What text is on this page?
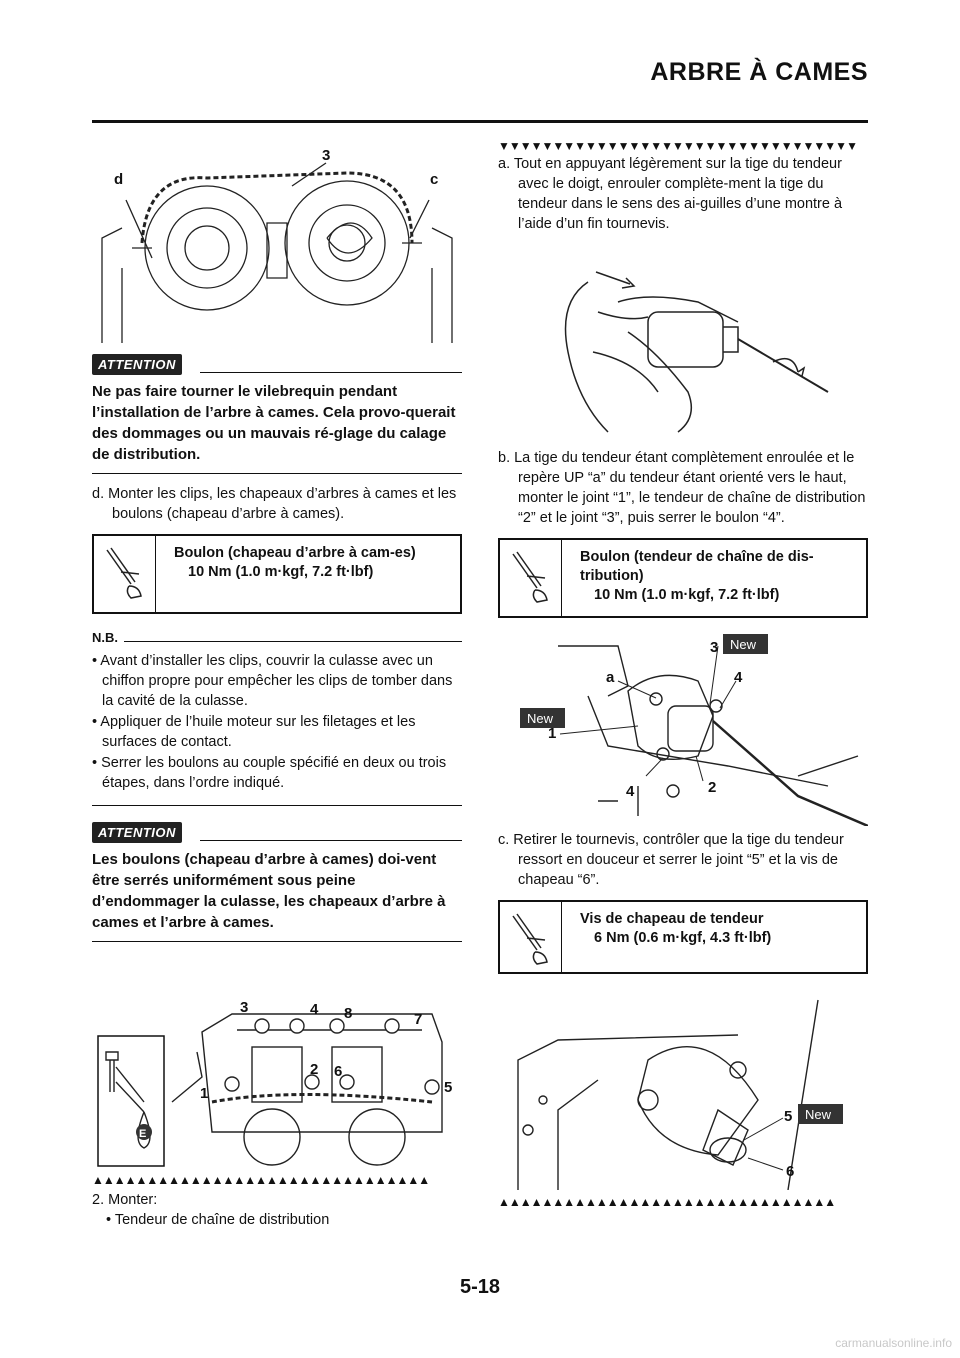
ARBRE À CAMES
d
3
c
ATTENTION
Ne pas faire tourner le vilebrequin pendant l’installation de l’arbre à cames. Cela provo-querait des dommages ou un mauvais ré-glage du calage de distribution.
d. Monter les clips, les chapeaux d’arbres à cames et les boulons (chapeau d’arbre à cames).
Boulon (chapeau d’arbre à cam-es)
10 Nm (1.0 m·kgf, 7.2 ft·lbf)
N.B.
• Avant d’installer les clips, couvrir la culasse avec un chiffon propre pour empêcher les clips de tomber dans la cavité de la culasse.
• Appliquer de l’huile moteur sur les filetages et les surfaces de contact.
• Serrer les boulons au couple spécifié en deux ou trois étapes, dans l’ordre indiqué.
ATTENTION
Les boulons (chapeau d’arbre à cames) doi-vent être serrés uniformément sous peine d’endommager la culasse, les chapeaux d’arbre à cames et l’arbre à cames.
E
3	4 8	7
1
2 6
5
▲▲▲▲▲▲▲▲▲▲▲▲▲▲▲▲▲▲▲▲▲▲▲▲▲▲▲▲▲▲▲
2. Monter:
• Tendeur de chaîne de distribution
▼▼▼▼▼▼▼▼▼▼▼▼▼▼▼▼▼▼▼▼▼▼▼▼▼▼▼▼▼▼▼▼▼
a. Tout en appuyant légèrement sur la tige du tendeur avec le doigt, enrouler complète-ment la tige du tendeur dans le sens des ai-guilles d’une montre à l’aide d’un fin tournevis.
b. La tige du tendeur étant complètement enroulée et le repère UP “a” du tendeur étant orienté vers le haut, monter le joint “1”, le tendeur de chaîne de distribution “2” et le joint “3”, puis serrer le boulon “4”.
Boulon (tendeur de chaîne de dis-tribution)
10 Nm (1.0 m·kgf, 7.2 ft·lbf)
New
New
3
a	4
1
2
4
c. Retirer le tournevis, contrôler que la tige du tendeur ressort en douceur et serrer le joint “5” et la vis de chapeau “6”.
Vis de chapeau de tendeur
6 Nm (0.6 m·kgf, 4.3 ft·lbf)
New
5
6
▲▲▲▲▲▲▲▲▲▲▲▲▲▲▲▲▲▲▲▲▲▲▲▲▲▲▲▲▲▲▲
5-18
carmanualsonline.info
